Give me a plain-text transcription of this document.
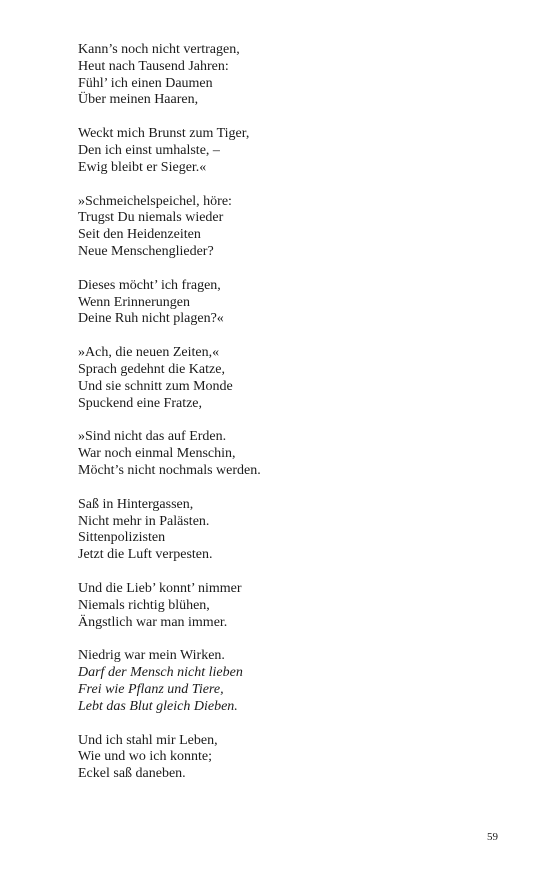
Kann’s noch nicht vertragen,
Heut nach Tausend Jahren:
Fühl’ ich einen Daumen
Über meinen Haaren,
Weckt mich Brunst zum Tiger,
Den ich einst umhalste, –
Ewig bleibt er Sieger.«
»Schmeichelspeichel, höre:
Trugst Du niemals wieder
Seit den Heidenzeiten
Neue Menschenglieder?
Dieses möcht’ ich fragen,
Wenn Erinnerungen
Deine Ruh nicht plagen?«
»Ach, die neuen Zeiten,«
Sprach gedehnt die Katze,
Und sie schnitt zum Monde
Spuckend eine Fratze,
»Sind nicht das auf Erden.
War noch einmal Menschin,
Möcht’s nicht nochmals werden.
Saß in Hintergassen,
Nicht mehr in Palästen.
Sittenpolizisten
Jetzt die Luft verpesten.
Und die Lieb’ konnt’ nimmer
Niemals richtig blühen,
Ängstlich war man immer.
Niedrig war mein Wirken.
Darf der Mensch nicht lieben
Frei wie Pflanz und Tiere,
Lebt das Blut gleich Dieben.
Und ich stahl mir Leben,
Wie und wo ich konnte;
Eckel saß daneben.
59
